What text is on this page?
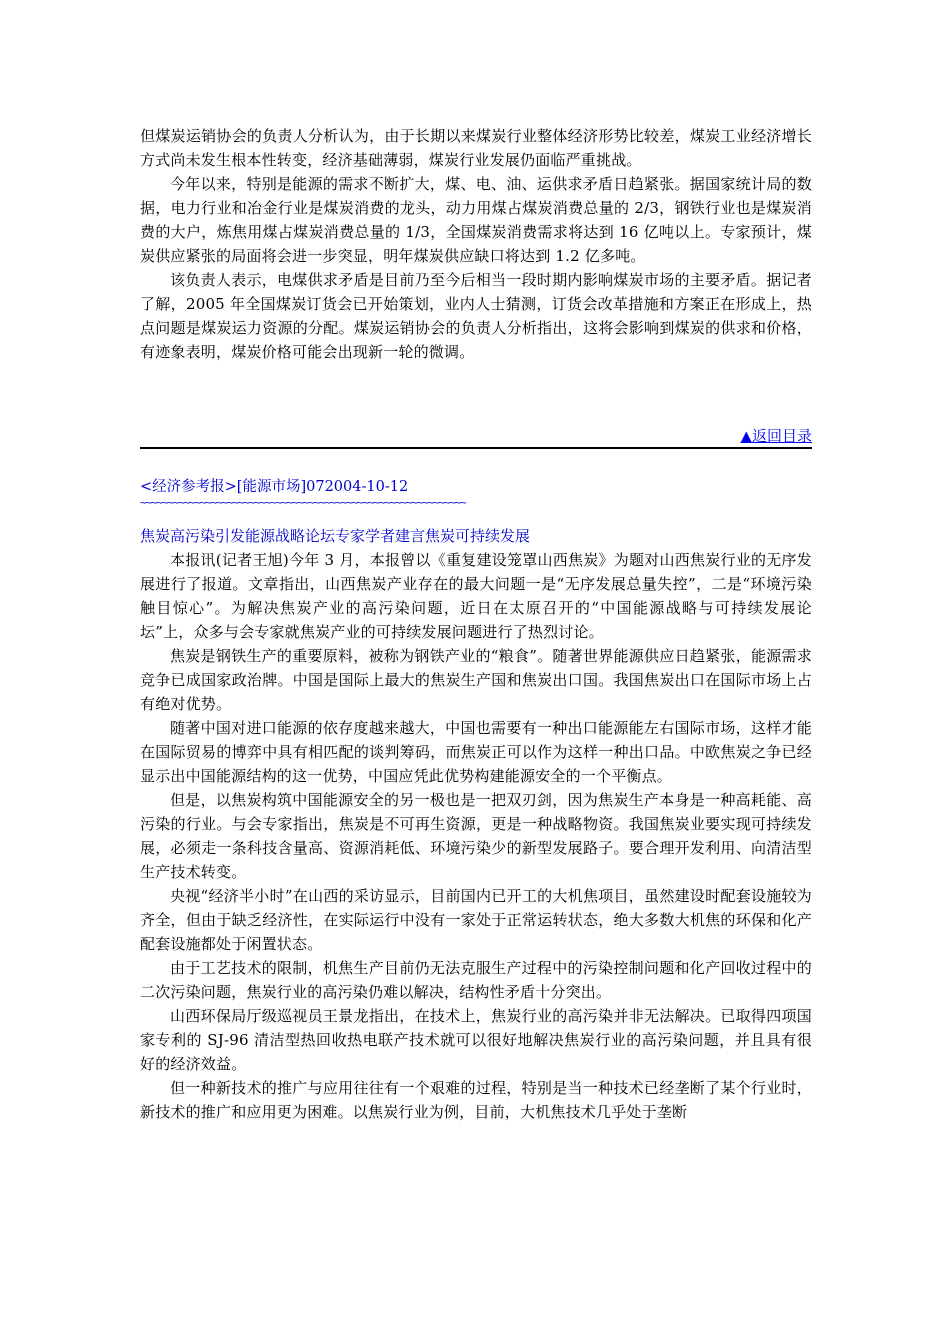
但煤炭运销协会的负责人分析认为，由于长期以来煤炭行业整体经济形势比较差，煤炭工业经济增长方式尚未发生根本性转变，经济基础薄弱，煤炭行业发展仍面临严重挑战。

今年以来，特别是能源的需求不断扩大，煤、电、油、运供求矛盾日趋紧张。据国家统计局的数据，电力行业和冶金行业是煤炭消费的龙头，动力用煤占煤炭消费总量的 2/3，钢铁行业也是煤炭消费的大户，炼焦用煤占煤炭消费总量的 1/3，全国煤炭消费需求将达到 16 亿吨以上。专家预计，煤炭供应紧张的局面将会进一步突显，明年煤炭供应缺口将达到 1.2 亿多吨。

该负责人表示，电煤供求矛盾是目前乃至今后相当一段时期内影响煤炭市场的主要矛盾。据记者了解，2005 年全国煤炭订货会已开始策划，业内人士猜测，订货会改革措施和方案正在形成上，热点问题是煤炭运力资源的分配。煤炭运销协会的负责人分析指出，这将会影响到煤炭的供求和价格，有迹象表明，煤炭价格可能会出现新一轮的微调。

▲返回目录
<经济参考报>[能源市场]072004-10-12
~~~~~~~~~~~~~~~~~~~~~~~~~~~~~~~~~~~~~~~~~~~~~~~~~~~~~~~~~~~~

焦炭高污染引发能源战略论坛专家学者建言焦炭可持续发展

本报讯(记者王旭)今年 3 月，本报曾以《重复建设笼罩山西焦炭》为题对山西焦炭行业的无序发展进行了报道。文章指出，山西焦炭产业存在的最大问题一是“无序发展总量失控”，二是“环境污染触目惊心”。为解决焦炭产业的高污染问题，近日在太原召开的“中国能源战略与可持续发展论坛”上，众多与会专家就焦炭产业的可持续发展问题进行了热烈讨论。

焦炭是钢铁生产的重要原料，被称为钢铁产业的“粮食”。随著世界能源供应日趋紧张，能源需求竞争已成国家政治牌。中国是国际上最大的焦炭生产国和焦炭出口国。我国焦炭出口在国际市场上占有绝对优势。

随著中国对进口能源的依存度越来越大，中国也需要有一种出口能源能左右国际市场，这样才能在国际贸易的博弈中具有相匹配的谈判筹码，而焦炭正可以作为这样一种出口品。中欧焦炭之争已经显示出中国能源结构的这一优势，中国应凭此优势构建能源安全的一个平衡点。

但是，以焦炭构筑中国能源安全的另一极也是一把双刃剑，因为焦炭生产本身是一种高耗能、高污染的行业。与会专家指出，焦炭是不可再生资源，更是一种战略物资。我国焦炭业要实现可持续发展，必须走一条科技含量高、资源消耗低、环境污染少的新型发展路子。要合理开发利用、向清洁型生产技术转变。

央视“经济半小时”在山西的采访显示，目前国内已开工的大机焦项目，虽然建设时配套设施较为齐全，但由于缺乏经济性，在实际运行中没有一家处于正常运转状态，绝大多数大机焦的环保和化产配套设施都处于闲置状态。

由于工艺技术的限制，机焦生产目前仍无法克服生产过程中的污染控制问题和化产回收过程中的二次污染问题，焦炭行业的高污染仍难以解决，结构性矛盾十分突出。

山西环保局厅级巡视员王景龙指出，在技术上，焦炭行业的高污染并非无法解决。已取得四项国家专利的 SJ-96 清洁型热回收热电联产技术就可以很好地解决焦炭行业的高污染问题，并且具有很好的经济效益。

但一种新技术的推广与应用往往有一个艰难的过程，特别是当一种技术已经垄断了某个行业时，新技术的推广和应用更为困难。以焦炭行业为例，目前，大机焦技术几乎处于垄断
